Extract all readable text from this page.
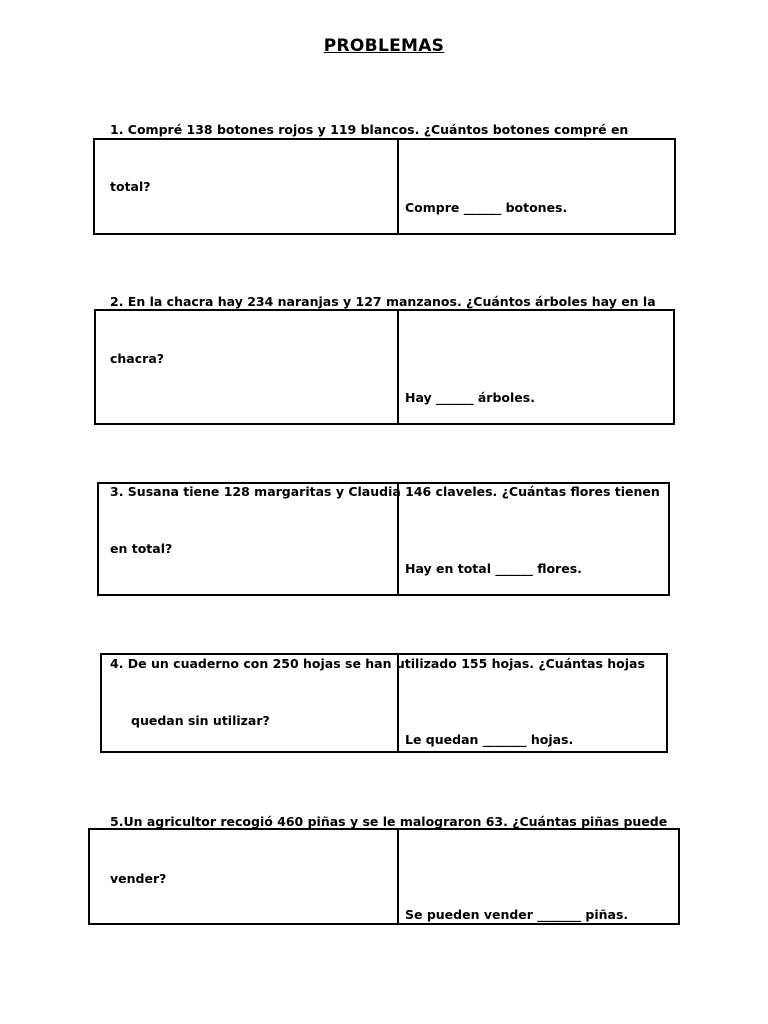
PROBLEMAS

1. Compré 138 botones rojos y 119 blancos. ¿Cuántos botones compré en

total?

Compre ______ botones.

2. En la chacra hay 234 naranjas y 127 manzanos. ¿Cuántos árboles hay en la

chacra?

Hay ______ árboles.

3. Susana tiene 128 margaritas y Claudia 146 claveles. ¿Cuántas flores tienen

en total?

Hay en total ______ flores.

4. De un cuaderno con 250 hojas se han utilizado 155 hojas. ¿Cuántas hojas

quedan sin utilizar?

Le quedan _______ hojas.

5.Un agricultor recogió 460 piñas y se le malograron 63. ¿Cuántas piñas puede

vender?

Se pueden vender _______ piñas.
